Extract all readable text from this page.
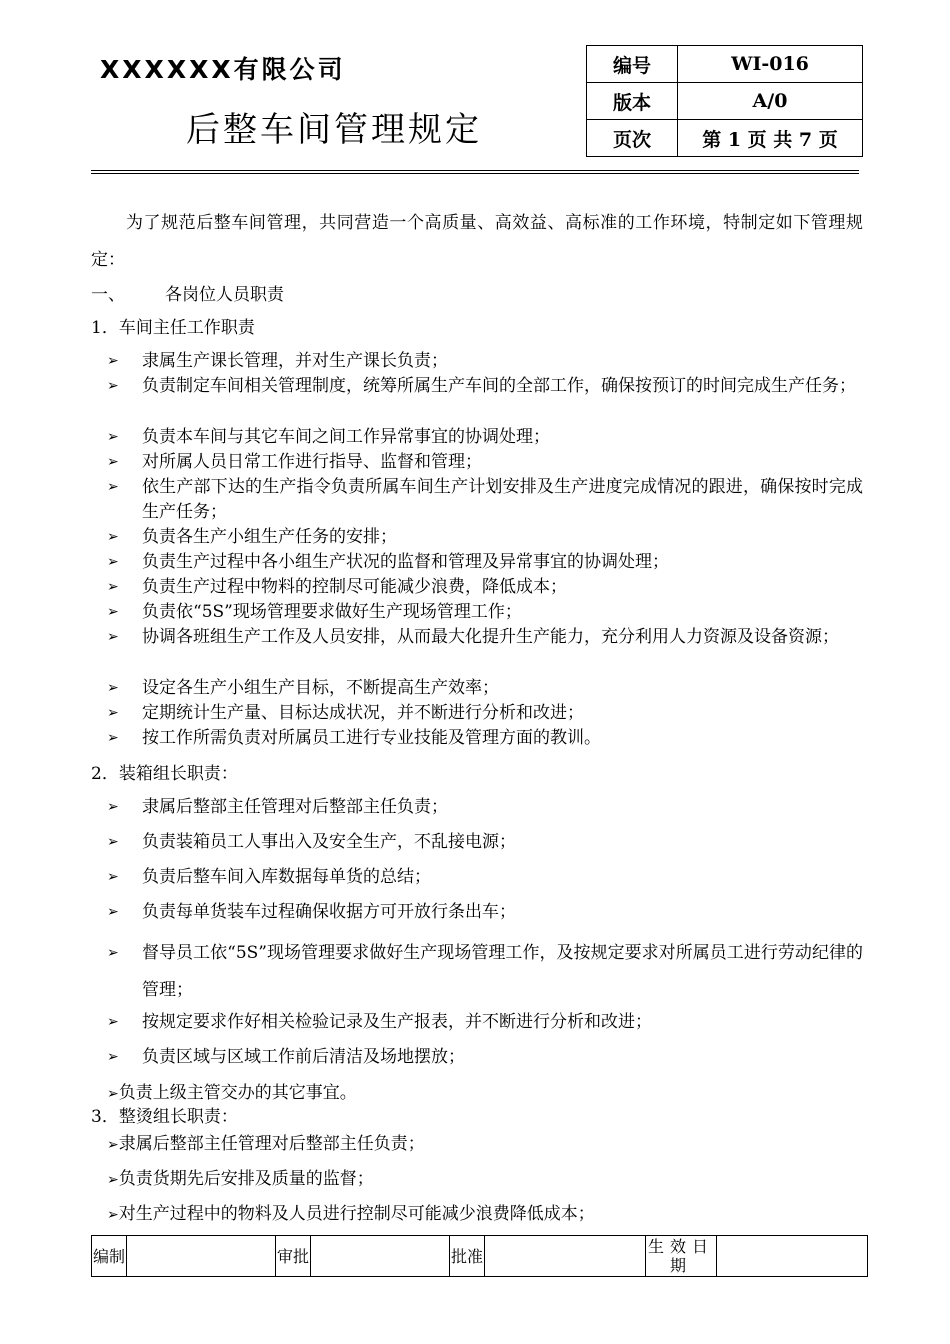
XXXXXX有限公司
后整车间管理规定
编号	WI-016
版本	A/0
页次	第 1 页 共 7 页
为了规范后整车间管理，共同营造一个高质量、高效益、高标准的工作环境，特制定如下管理规定：
一、 各岗位人员职责
1．车间主任工作职责
➢	隶属生产课长管理，并对生产课长负责；
➢	负责制定车间相关管理制度，统筹所属生产车间的全部工作，确保按预订的时间完成生产任务；
➢	负责本车间与其它车间之间工作异常事宜的协调处理；
➢	对所属人员日常工作进行指导、监督和管理；
➢	依生产部下达的生产指令负责所属车间生产计划安排及生产进度完成情况的跟进，确保按时完成生产任务；
➢	负责各生产小组生产任务的安排；
➢	负责生产过程中各小组生产状况的监督和管理及异常事宜的协调处理；
➢	负责生产过程中物料的控制尽可能减少浪费，降低成本；
➢	负责依“5S”现场管理要求做好生产现场管理工作；
➢	协调各班组生产工作及人员安排，从而最大化提升生产能力，充分利用人力资源及设备资源；
➢	设定各生产小组生产目标，不断提高生产效率；
➢	定期统计生产量、目标达成状况，并不断进行分析和改进；
➢	按工作所需负责对所属员工进行专业技能及管理方面的教训。
2．装箱组长职责：
➢	隶属后整部主任管理对后整部主任负责；
➢	负责装箱员工人事出入及安全生产，不乱接电源；
➢	负责后整车间入库数据每单货的总结；
➢	负责每单货装车过程确保收据方可开放行条出车；
➢	督导员工依“5S”现场管理要求做好生产现场管理工作，及按规定要求对所属员工进行劳动纪律的管理；
➢	按规定要求作好相关检验记录及生产报表，并不断进行分析和改进；
➢	负责区域与区域工作前后清洁及场地摆放；
➢负责上级主管交办的其它事宜。
3．整烫组长职责：
➢隶属后整部主任管理对后整部主任负责；
➢负责货期先后安排及质量的监督；
➢对生产过程中的物料及人员进行控制尽可能减少浪费降低成本；
编制		审批		批准		生效日期	
